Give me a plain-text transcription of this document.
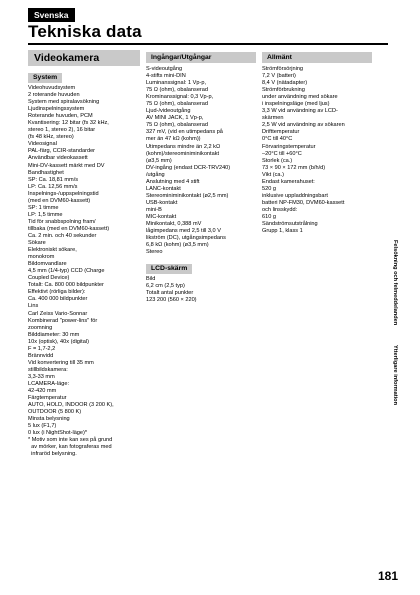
Svenska
Tekniska data
Videokamera
System

Videohuvudsystem
2 roterande huvuden
System med spiralavsökning
Ljudinspelningssystem
Roterande huvuden, PCM
Kvantisering: 12 bitar (fs 32 kHz,
stereo 1, stereo 2), 16 bitar
(fs 48 kHz, stereo)
Videosignal
PAL-färg, CCIR-standarder
Användbar videokassett
Mini-DV-kassett märkt med DV
Bandhastighet
SP: Ca. 18,81 mm/s
LP: Ca. 12,56 mm/s
Inspelnings-/uppspelningstid
(med en DVM60-kassett)
SP: 1 timme
LP: 1,5 timme
Tid för snabbspolning fram/
tillbaka (med en DVM60-kassett)
Ca. 2 min. och 40 sekunder
Sökare
Elektroniskt sökare,
monokrom
Bildomvandlare
4,5 mm (1/4-typ) CCD (Charge
Coupled Device)
Totalt: Ca. 800 000 bildpunkter
Effektivt (rörliga bilder):
Ca. 400 000 bildpunkter
Lins
Carl Zeiss Vario-Sonnar
Kombinerad "power-lins" för
zoomning
Bilddiameter: 30 mm
10x (optisk), 40x (digital)
F = 1,7-2,2
Brännvidd
Vid konvertering till 35 mm
stillbildskamera:
3,3-33 mm
LCAMERA-läge:
42-420 mm
Färgtemperatur
AUTO, HOLD, INDOOR (3 200 K),
OUTDOOR (5 800 K)
Minsta belysning
5 lux (F1,7)
0 lux (i NightShot-läge)*
* Motiv som inte kan ses på grund
av mörker, kan fotograferas med
infraröd belysning.

Ingångar/Utgångar

S-videoutgång
4-stifts mini-DIN
Luminanssignal: 1 Vp-p,
75 Ω (ohm), obalanserad
Krominanssignal: 0,3 Vp-p,
75 Ω (ohm), obalanserad
Ljud-/videoutgång
AV MINI JACK, 1 Vp-p,
75 Ω (ohm), obalanserad
327 mV, (vid en utimpedans på
mer än 47 kΩ (kohm))
Utimpedans mindre än 2,2 kΩ
(kohm)/stereominiminikontakt
(ø3,5 mm)
DV-ingång (endast DCR-TRV240)
/utgång
Anslutning med 4 stift
LANC-kontakt
Stereominiminikontakt (ø2,5 mm)
USB-kontakt
mini-B
MIC-kontakt
Minikontakt, 0,388 mV
lågimpedans med 2,5 till 3,0 V
likström (DC), utgångsimpedans
6,8 kΩ (kohm) (ø3,5 mm)
Stereo

LCD-skärm

Bild
6,2 cm (2,5 typ)
Totalt antal punkter
123 200 (560 × 220)

Allmänt

Strömförsörjning
7,2 V (batteri)
8,4 V (nätadapter)
Strömförbrukning
under användning med sökare
i inspelningsläge (med ljus)
3,3 W vid användning av LCD-
skärmen
2,5 W vid användning av sökaren
Drifttemperatur
0°C till 40°C
Förvaringstemperatur
–20°C till +60°C
Storlek (ca.)
73 × 90 × 172 mm (b/h/d)
Vikt (ca.)
Endast kamerahuset:
520 g
inklusive uppladdningsbart
batteri NP-FM30, DVM60-kassett
och linsskydd:
610 g
Sändströmsutstrålning
Grupp 1, klass 1

Felsökning och felmeddelanden
Ytterligare information
181
